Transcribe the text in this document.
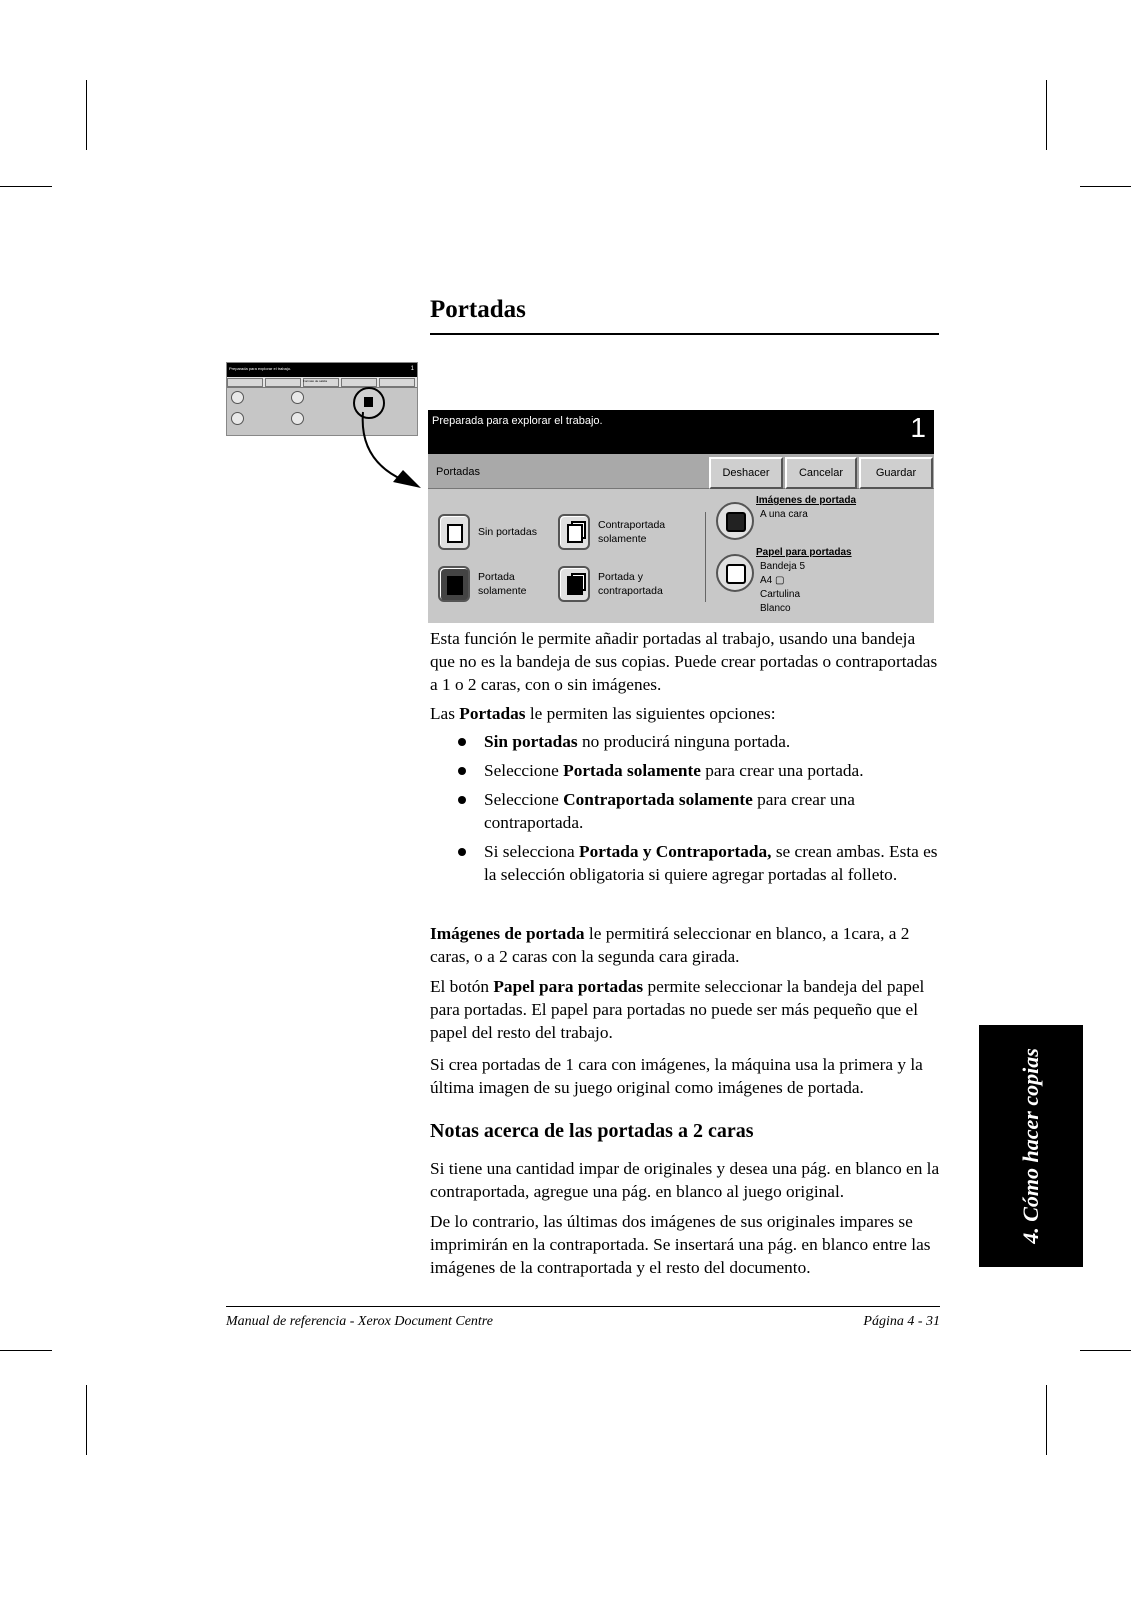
Portadas
Preparada para explorar el trabajo.	1
Formato de salida
Preparada para explorar el trabajo.	1
Portadas	Deshacer	Cancelar	Guardar
Sin portadas
Contraportada
solamente
Portada
solamente
Portada y
contraportada
Imágenes de portada
A una cara
Papel para portadas
Bandeja 5
A4 ▢
Cartulina
Blanco

Esta función le permite añadir portadas al trabajo, usando una bandeja que no es la bandeja de sus copias. Puede crear portadas o contraportadas a 1 o 2 caras, con o sin imágenes.

Las Portadas le permiten las siguientes opciones:

Sin portadas no producirá ninguna portada.
Seleccione Portada solamente para crear una portada.
Seleccione Contraportada solamente para crear una contraportada.
Si selecciona Portada y Contraportada, se crean ambas. Esta es la selección obligatoria si quiere agregar portadas al folleto.

Imágenes de portada le permitirá seleccionar en blanco, a 1cara, a 2 caras, o a 2 caras con la segunda cara girada.

El botón Papel para portadas permite seleccionar la bandeja del papel para portadas. El papel para portadas no puede ser más pequeño que el papel del resto del trabajo.

Si crea portadas de 1 cara con imágenes, la máquina usa la primera y la última imagen de su juego original como imágenes de portada.

Notas acerca de las portadas a 2 caras

Si tiene una cantidad impar de originales y desea una pág. en blanco en la contraportada, agregue una pág. en blanco al juego original.

De lo contrario, las últimas dos imágenes de sus originales impares se imprimirán en la contraportada. Se insertará una pág. en blanco entre las imágenes de la contraportada y el resto del documento.

4. Cómo hacer copias
Manual de referencia - Xerox Document Centre	Página 4 - 31
